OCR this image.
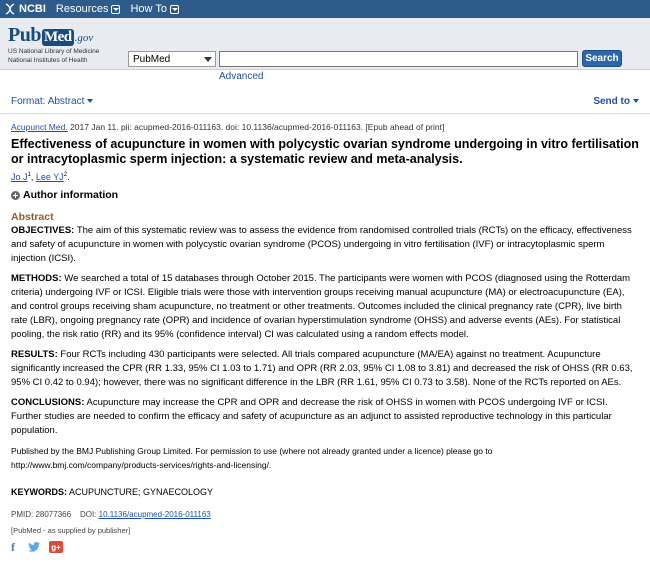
NCBI Resources How To
Pub Med .gov
US National Library of Medicine
National Institutes of Health	PubMed	Search
Advanced
Format: Abstract	Send to
Acupunct Med. 2017 Jan 11. pii: acupmed-2016-011163. doi: 10.1136/acupmed-2016-011163. [Epub ahead of print]
Effectiveness of acupuncture in women with polycystic ovarian syndrome undergoing in vitro fertilisation or intracytoplasmic sperm injection: a systematic review and meta-analysis.
Jo $J^1$, Lee $YJ^2$.
Author information
Abstract

OBJECTIVES: The aim of this systematic review was to assess the evidence from randomised controlled trials (RCTs) on the efficacy, effectiveness and safety of acupuncture in women with polycystic ovarian syndrome (PCOS) undergoing in vitro fertilisation (IVF) or intracytoplasmic sperm injection (ICSI).

METHODS: We searched a total of 15 databases through October 2015. The participants were women with PCOS (diagnosed using the Rotterdam criteria) undergoing IVF or ICSI. Eligible trials were those with intervention groups receiving manual acupuncture (MA) or electroacupuncture (EA), and control groups receiving sham acupuncture, no treatment or other treatments. Outcomes included the clinical pregnancy rate (CPR), live birth rate (LBR), ongoing pregnancy rate (OPR) and incidence of ovarian hyperstimulation syndrome (OHSS) and adverse events (AEs). For statistical pooling, the risk ratio (RR) and its 95% (confidence interval) CI was calculated using a random effects model.

RESULTS: Four RCTs including 430 participants were selected. All trials compared acupuncture (MA/EA) against no treatment. Acupuncture significantly increased the CPR (RR 1.33, 95% CI 1.03 to 1.71) and OPR (RR 2.03, 95% CI 1.08 to 3.81) and decreased the risk of OHSS (RR 0.63, 95% CI 0.42 to 0.94); however, there was no significant difference in the LBR (RR 1.61, 95% CI 0.73 to 3.58). None of the RCTs reported on AEs.

CONCLUSIONS: Acupuncture may increase the CPR and OPR and decrease the risk of OHSS in women with PCOS undergoing IVF or ICSI. Further studies are needed to confirm the efficacy and safety of acupuncture as an adjunct to assisted reproductive technology in this particular population.

Published by the BMJ Publishing Group Limited. For permission to use (where not already granted under a licence) please go to http://www.bmj.com/company/products-services/rights-and-licensing/.

KEYWORDS: ACUPUNCTURE; GYNAECOLOGY
PMID: 28077366 DOI: 10.1136/acupmed-2016-011163
[PubMed - as supplied by publisher]
f	g+
